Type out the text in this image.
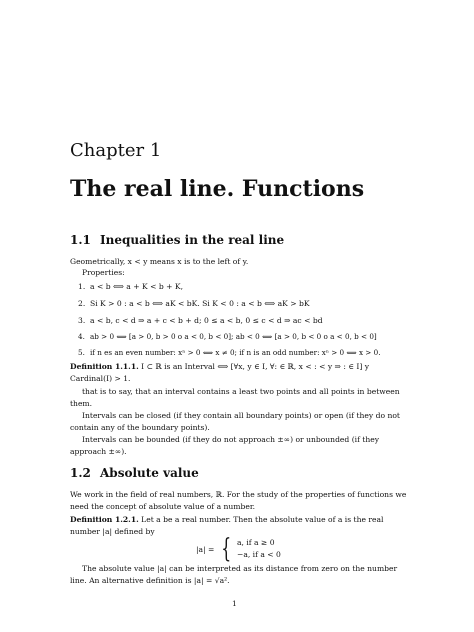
Chapter 1
The real line. Functions
1.1 Inequalities in the real line
Geometrically, x < y means x is to the left of y.
Properties:
1. a < b ⟺ a + K < b + K,
2. Si K > 0 : a < b ⟺ aK < bK. Si K < 0 : a < b ⟺ aK > bK
3. a < b, c < d ⇒ a + c < b + d; 0 ≤ a < b, 0 ≤ c < d ⇒ ac < bd
4. ab > 0 ⟺ [a > 0, b > 0 o a < 0, b < 0]; ab < 0 ⟺ [a > 0, b < 0 o a < 0, b < 0]
5. if n es an even number: xⁿ > 0 ⟺ x ≠ 0; if n is an odd number: xⁿ > 0 ⟺ x > 0.
Definition 1.1.1. I ⊂ ℝ is an Interval ⟺ [∀x, y ∈ I, ∀: ∈ ℝ, x < : < y ⇒ : ∈ I] y Cardinal(I) > 1.
that is to say, that an interval contains a least two points and all points in between them.
Intervals can be closed (if they contain all boundary points) or open (if they do not contain any of the boundary points).
Intervals can be bounded (if they do not approach ±∞) or unbounded (if they approach ±∞).
1.2 Absolute value
We work in the field of real numbers, ℝ. For the study of the properties of functions we need the concept of absolute value of a number.
Definition 1.2.1. Let a be a real number. Then the absolute value of a is the real number |a| defined by
|a| = { a, if a ≥ 0
−a, if a < 0
The absolute value |a| can be interpreted as its distance from zero on the number line. An alternative definition is |a| = √a².
1
